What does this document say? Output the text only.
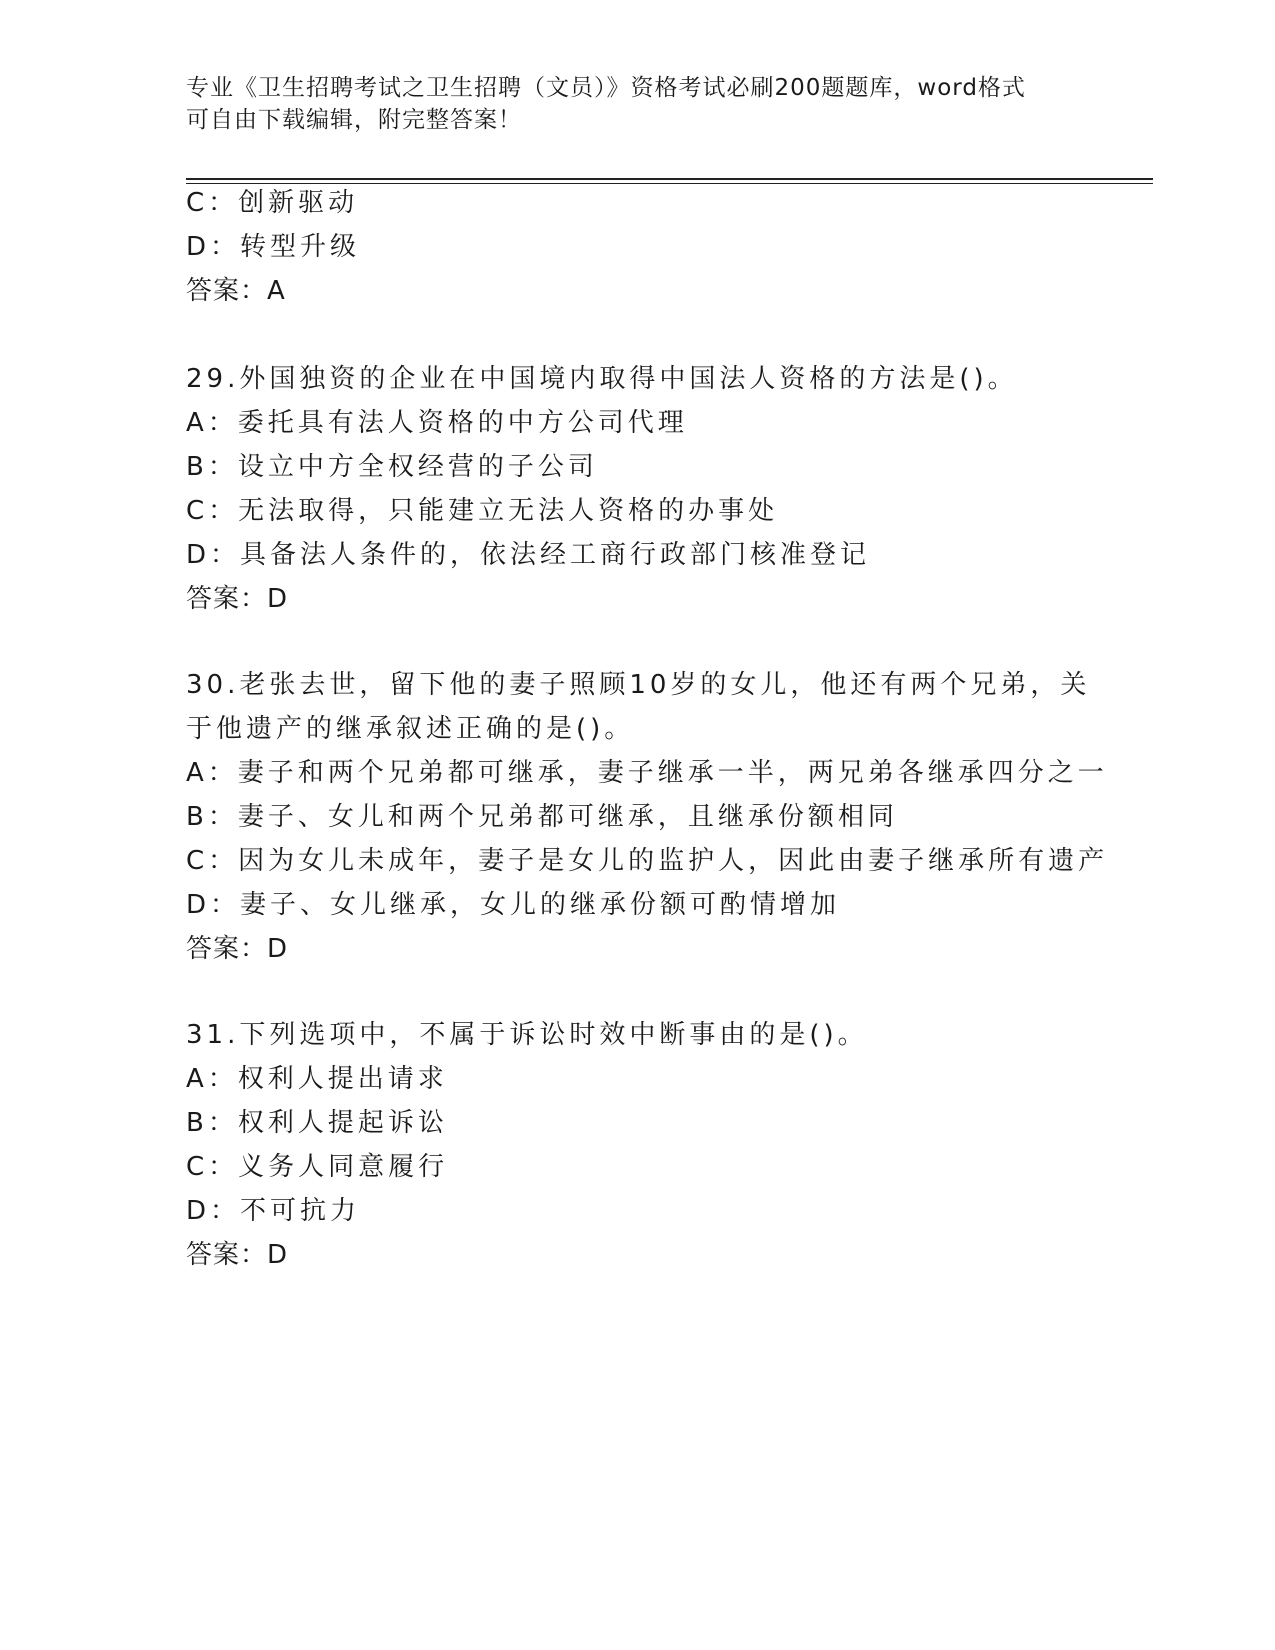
专业《卫生招聘考试之卫生招聘（文员）》资格考试必刷200题题库，word格式
可自由下载编辑，附完整答案！
C：创新驱动
D：转型升级
答案：A
29.外国独资的企业在中国境内取得中国法人资格的方法是()。
A：委托具有法人资格的中方公司代理
B：设立中方全权经营的子公司
C：无法取得，只能建立无法人资格的办事处
D：具备法人条件的，依法经工商行政部门核准登记
答案：D
30.老张去世，留下他的妻子照顾10岁的女儿，他还有两个兄弟，关
于他遗产的继承叙述正确的是()。
A：妻子和两个兄弟都可继承，妻子继承一半，两兄弟各继承四分之一
B：妻子、女儿和两个兄弟都可继承，且继承份额相同
C：因为女儿未成年，妻子是女儿的监护人，因此由妻子继承所有遗产
D：妻子、女儿继承，女儿的继承份额可酌情增加
答案：D
31.下列选项中，不属于诉讼时效中断事由的是()。
A：权利人提出请求
B：权利人提起诉讼
C：义务人同意履行
D：不可抗力
答案：D
